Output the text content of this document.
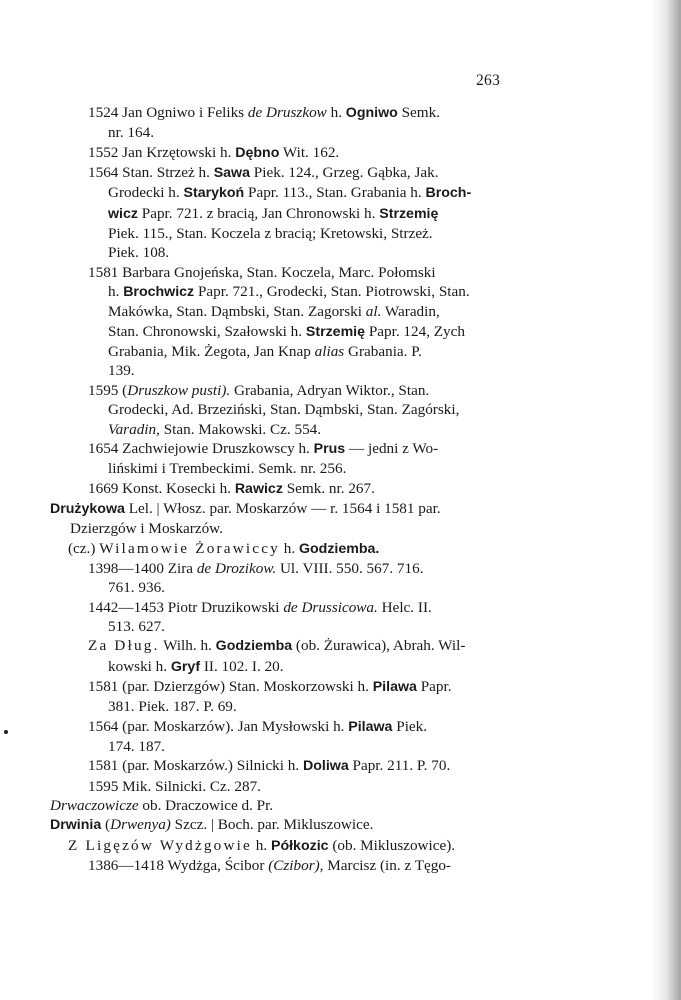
263
1524 Jan Ogniwo i Feliks de Druszkow h. Ogniwo Semk.
nr. 164.
1552 Jan Krzętowski h. Dębno Wit. 162.
1564 Stan. Strzeż h. Sawa Piek. 124., Grzeg. Gąbka, Jak.
Grodecki h. Starykoń Papr. 113., Stan. Grabania h. Broch-
wicz Papr. 721. z bracią, Jan Chronowski h. Strzemię
Piek. 115., Stan. Koczela z bracią; Kretowski, Strzeż.
Piek. 108.
1581 Barbara Gnojeńska, Stan. Koczela, Marc. Połomski
h. Brochwicz Papr. 721., Grodecki, Stan. Piotrowski, Stan.
Makówka, Stan. Dąmbski, Stan. Zagorski al. Waradin,
Stan. Chronowski, Szałowski h. Strzemię Papr. 124, Zych
Grabania, Mik. Żegota, Jan Knap alias Grabania. P.
139.
1595 (Druszkow pusti). Grabania, Adryan Wiktor., Stan.
Grodecki, Ad. Brzeziński, Stan. Dąmbski, Stan. Zagórski,
Varadin, Stan. Makowski. Cz. 554.
1654 Zachwiejowie Druszkowscy h. Prus — jedni z Wo-
lińskimi i Trembeckimi. Semk. nr. 256.
1669 Konst. Kosecki h. Rawicz Semk. nr. 267.
Drużykowa Lel. | Włosz. par. Moskarzów — r. 1564 i 1581 par.
Dzierzgów i Moskarzów.
(cz.) Wilamowie Żorawiccy h. Godziemba.
1398—1400 Zira de Drozikow. Ul. VIII. 550. 567. 716.
761. 936.
1442—1453 Piotr Druzikowski de Drussicowa. Helc. II.
513. 627.
Za Dług. Wilh. h. Godziemba (ob. Żurawica), Abrah. Wil-
kowski h. Gryf II. 102. I. 20.
1581 (par. Dzierzgów) Stan. Moskorzowski h. Pilawa Papr.
381. Piek. 187. P. 69.
1564 (par. Moskarzów). Jan Mysłowski h. Pilawa Piek.
174. 187.
1581 (par. Moskarzów.) Silnicki h. Doliwa Papr. 211. P. 70.
1595 Mik. Silnicki. Cz. 287.
Drwaczowicze ob. Draczowice d. Pr.
Drwinia (Drwenya) Szcz. | Boch. par. Mikluszowice.
Z Ligęzów Wydżgowie h. Półkozic (ob. Mikluszowice).
1386—1418 Wydżga, Ścibor (Czibor), Marcisz (in. z Tęgo-
